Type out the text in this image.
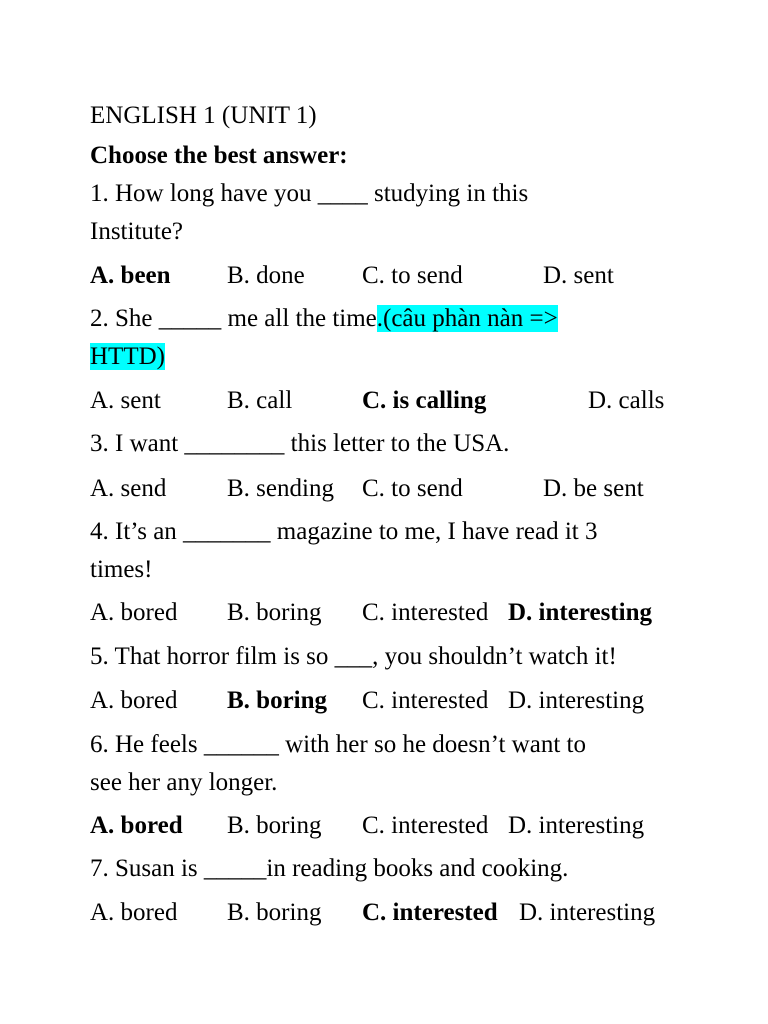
ENGLISH 1 (UNIT 1)
Choose the best answer:
1. How long have you ____ studying in this
Institute?
A. been B. done C. to send	D. sent
2. She _____ me all the time.(câu phàn nàn =>
HTTD)
A. sent	B. call	C. is calling	D. calls
3. I want ________ this letter to the USA.
A. send B. sending C. to send	D. be sent
4. It’s an _______ magazine to me, I have read it 3
times!
A. bored B. boring C. interested D. interesting
5. That horror film is so ___, you shouldn’t watch it!
A. bored B. boring C. interested D. interesting
6. He feels ______ with her so he doesn’t want to
see her any longer.
A. bored B. boring C. interested D. interesting
7. Susan is _____in reading books and cooking.
A. bored B. boring C. interested D. interesting
